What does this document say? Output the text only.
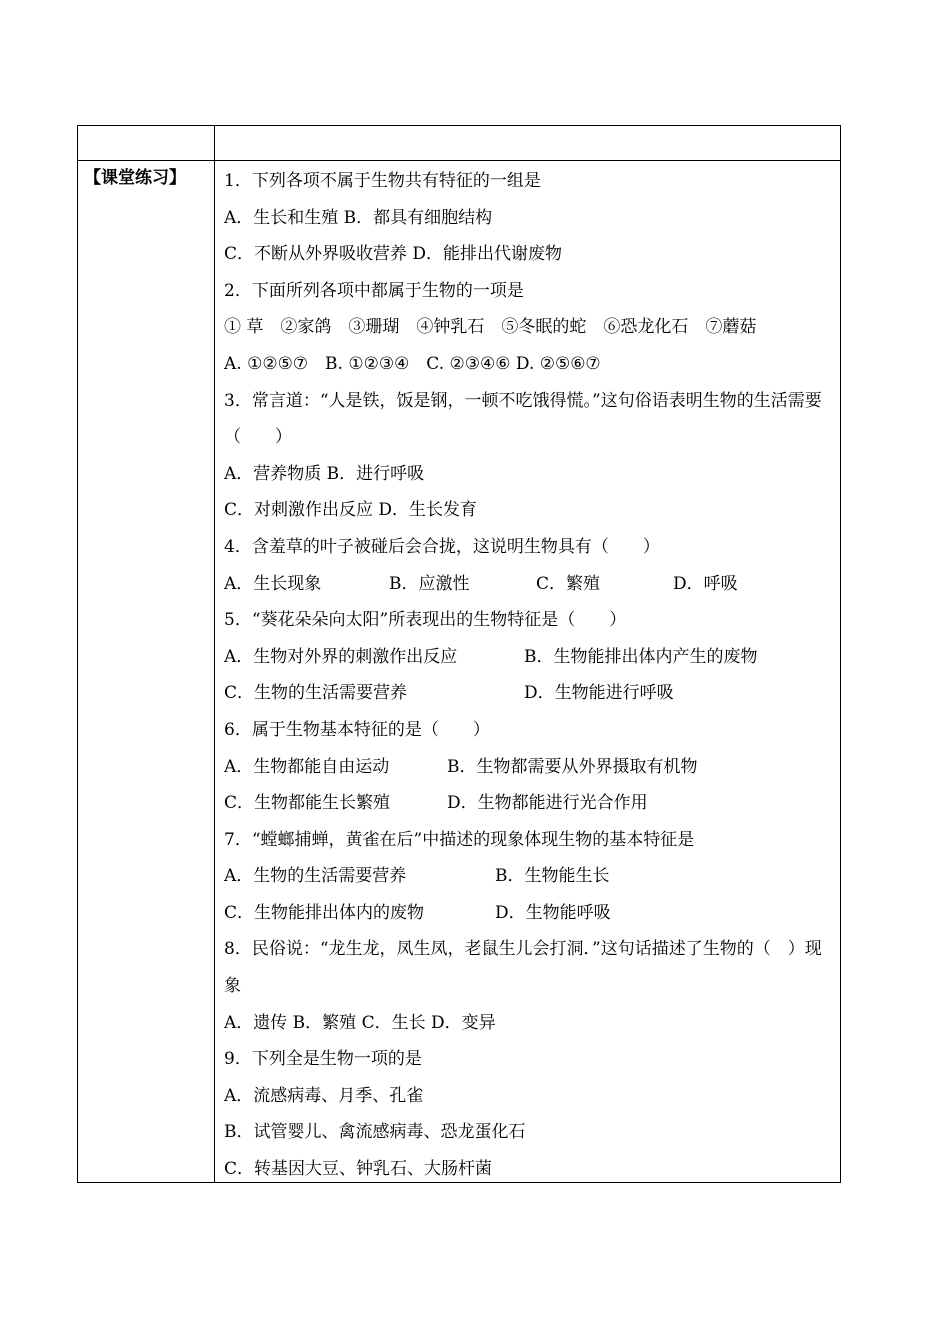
【课堂练习】	1．下列各项不属于生物共有特征的一组是
A．生长和生殖 B．都具有细胞结构
C．不断从外界吸收营养 D．能排出代谢废物
2．下面所列各项中都属于生物的一项是
① 草　②家鸽　③珊瑚　④钟乳石　⑤冬眠的蛇　⑥恐龙化石　⑦蘑菇
A. ①②⑤⑦　B. ①②③④　C. ②③④⑥ D. ②⑤⑥⑦
3．常言道：“人是铁，饭是钢，一顿不吃饿得慌。”这句俗语表明生物的生活需要（　　）
A．营养物质 B．进行呼吸
C．对刺激作出反应 D．生长发育
4．含羞草的叶子被碰后会合拢，这说明生物具有（　　）
A．生长现象	B．应激性	C．繁殖	D．呼吸
5．“葵花朵朵向太阳”所表现出的生物特征是（　　）
A．生物对外界的刺激作出反应	B．生物能排出体内产生的废物
C．生物的生活需要营养	D．生物能进行呼吸
6．属于生物基本特征的是（　　）
A．生物都能自由运动	B．生物都需要从外界摄取有机物
C．生物都能生长繁殖	D．生物都能进行光合作用
7．“螳螂捕蝉，黄雀在后”中描述的现象体现生物的基本特征是
A．生物的生活需要营养	B．生物能生长
C．生物能排出体内的废物	D．生物能呼吸
8．民俗说：“龙生龙，凤生凤，老鼠生儿会打洞．”这句话描述了生物的（　）现象
A．遗传 B．繁殖 C．生长 D．变异
9．下列全是生物一项的是
A．流感病毒、月季、孔雀
B．试管婴儿、禽流感病毒、恐龙蛋化石
C．转基因大豆、钟乳石、大肠杆菌
